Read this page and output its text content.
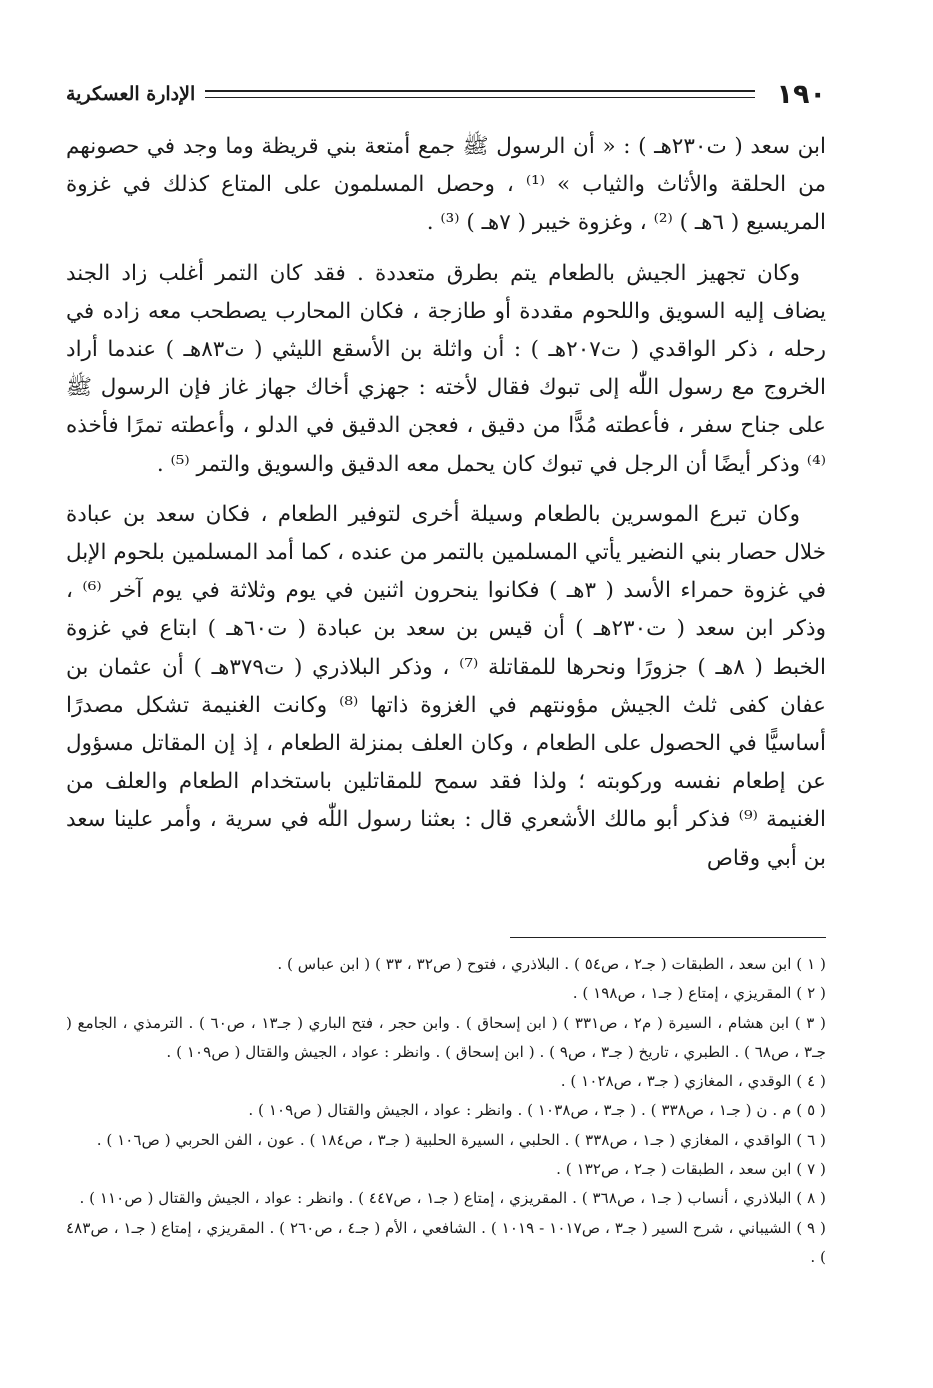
١٩٠
الإدارة العسكرية

ابن سعد ( ت٢٣٠هـ ) : « أن الرسول ﷺ جمع أمتعة بني قريظة وما وجد في حصونهم من الحلقة والأثاث والثياب » ⁽¹⁾ ، وحصل المسلمون على المتاع كذلك في غزوة المريسيع ( ٦هـ ) ⁽²⁾ ، وغزوة خيبر ( ٧هـ ) ⁽³⁾ .

وكان تجهيز الجيش بالطعام يتم بطرق متعددة . فقد كان التمر أغلب زاد الجند يضاف إليه السويق واللحوم مقددة أو طازجة ، فكان المحارب يصطحب معه زاده في رحله ، ذكر الواقدي ( ت٢٠٧هـ ) : أن واثلة بن الأسقع الليثي ( ت٨٣هـ ) عندما أراد الخروج مع رسول اللّٰه إلى تبوك فقال لأخته : جهزي أخاك جهاز غاز فإن الرسول ﷺ على جناح سفر ، فأعطته مُدًّا من دقيق ، فعجن الدقيق في الدلو ، وأعطته تمرًا فأخذه ⁽⁴⁾ وذكر أيضًا أن الرجل في تبوك كان يحمل معه الدقيق والسويق والتمر ⁽⁵⁾ .

وكان تبرع الموسرين بالطعام وسيلة أخرى لتوفير الطعام ، فكان سعد بن عبادة خلال حصار بني النضير يأتي المسلمين بالتمر من عنده ، كما أمد المسلمين بلحوم الإبل في غزوة حمراء الأسد ( ٣هـ ) فكانوا ينحرون اثنين في يوم وثلاثة في يوم آخر ⁽⁶⁾ ، وذكر ابن سعد ( ت٢٣٠هـ ) أن قيس بن سعد بن عبادة ( ت٦٠هـ ) ابتاع في غزوة الخبط ( ٨هـ ) جزورًا ونحرها للمقاتلة ⁽⁷⁾ ، وذكر البلاذري ( ت٣٧٩هـ ) أن عثمان بن عفان كفى ثلث الجيش مؤونتهم في الغزوة ذاتها ⁽⁸⁾ وكانت الغنيمة تشكل مصدرًا أساسيًّا في الحصول على الطعام ، وكان العلف بمنزلة الطعام ، إذ إن المقاتل مسؤول عن إطعام نفسه وركوبته ؛ ولذا فقد سمح للمقاتلين باستخدام الطعام والعلف من الغنيمة ⁽⁹⁾ فذكر أبو مالك الأشعري قال : بعثنا رسول اللّٰه في سرية ، وأمر علينا سعد بن أبي وقاص

( ١ ) ابن سعد ، الطبقات ( جـ٢ ، ص٥٤ ) . البلاذري ، فتوح ( ص٣٢ ، ٣٣ ) ( ابن عباس ) .

( ٢ ) المقريزي ، إمتاع ( جـ١ ، ص١٩٨ ) .

( ٣ ) ابن هشام ، السيرة ( م٢ ، ص٣٣١ ) ( ابن إسحاق ) . وابن حجر ، فتح الباري ( جـ١٣ ، ص٦٠ ) . الترمذي ، الجامع ( جـ٣ ، ص٦٨ ) . الطبري ، تاريخ ( جـ٣ ، ص٩ ) . ( ابن إسحاق ) . وانظر : عواد ، الجيش والقتال ( ص١٠٩ ) .

( ٤ ) الوقدي ، المغازي ( جـ٣ ، ص١٠٢٨ ) .

( ٥ ) م . ن ( جـ١ ، ص٣٣٨ ) . ( جـ٣ ، ص١٠٣٨ ) . وانظر : عواد ، الجيش والقتال ( ص١٠٩ ) .

( ٦ ) الواقدي ، المغازي ( جـ١ ، ص٣٣٨ ) . الحلبي ، السيرة الحلبية ( جـ٣ ، ص١٨٤ ) . عون ، الفن الحربي ( ص١٠٦ ) .

( ٧ ) ابن سعد ، الطبقات ( جـ٢ ، ص١٣٢ ) .

( ٨ ) البلاذري ، أنساب ( جـ١ ، ص٣٦٨ ) . المقريزي ، إمتاع ( جـ١ ، ص٤٤٧ ) . وانظر : عواد ، الجيش والقتال ( ص١١٠ ) .

( ٩ ) الشيباني ، شرح السير ( جـ٣ ، ص١٠١٧ - ١٠١٩ ) . الشافعي ، الأم ( جـ٤ ، ص٢٦٠ ) . المقريزي ، إمتاع ( جـ١ ، ص٤٨٣ ) .
